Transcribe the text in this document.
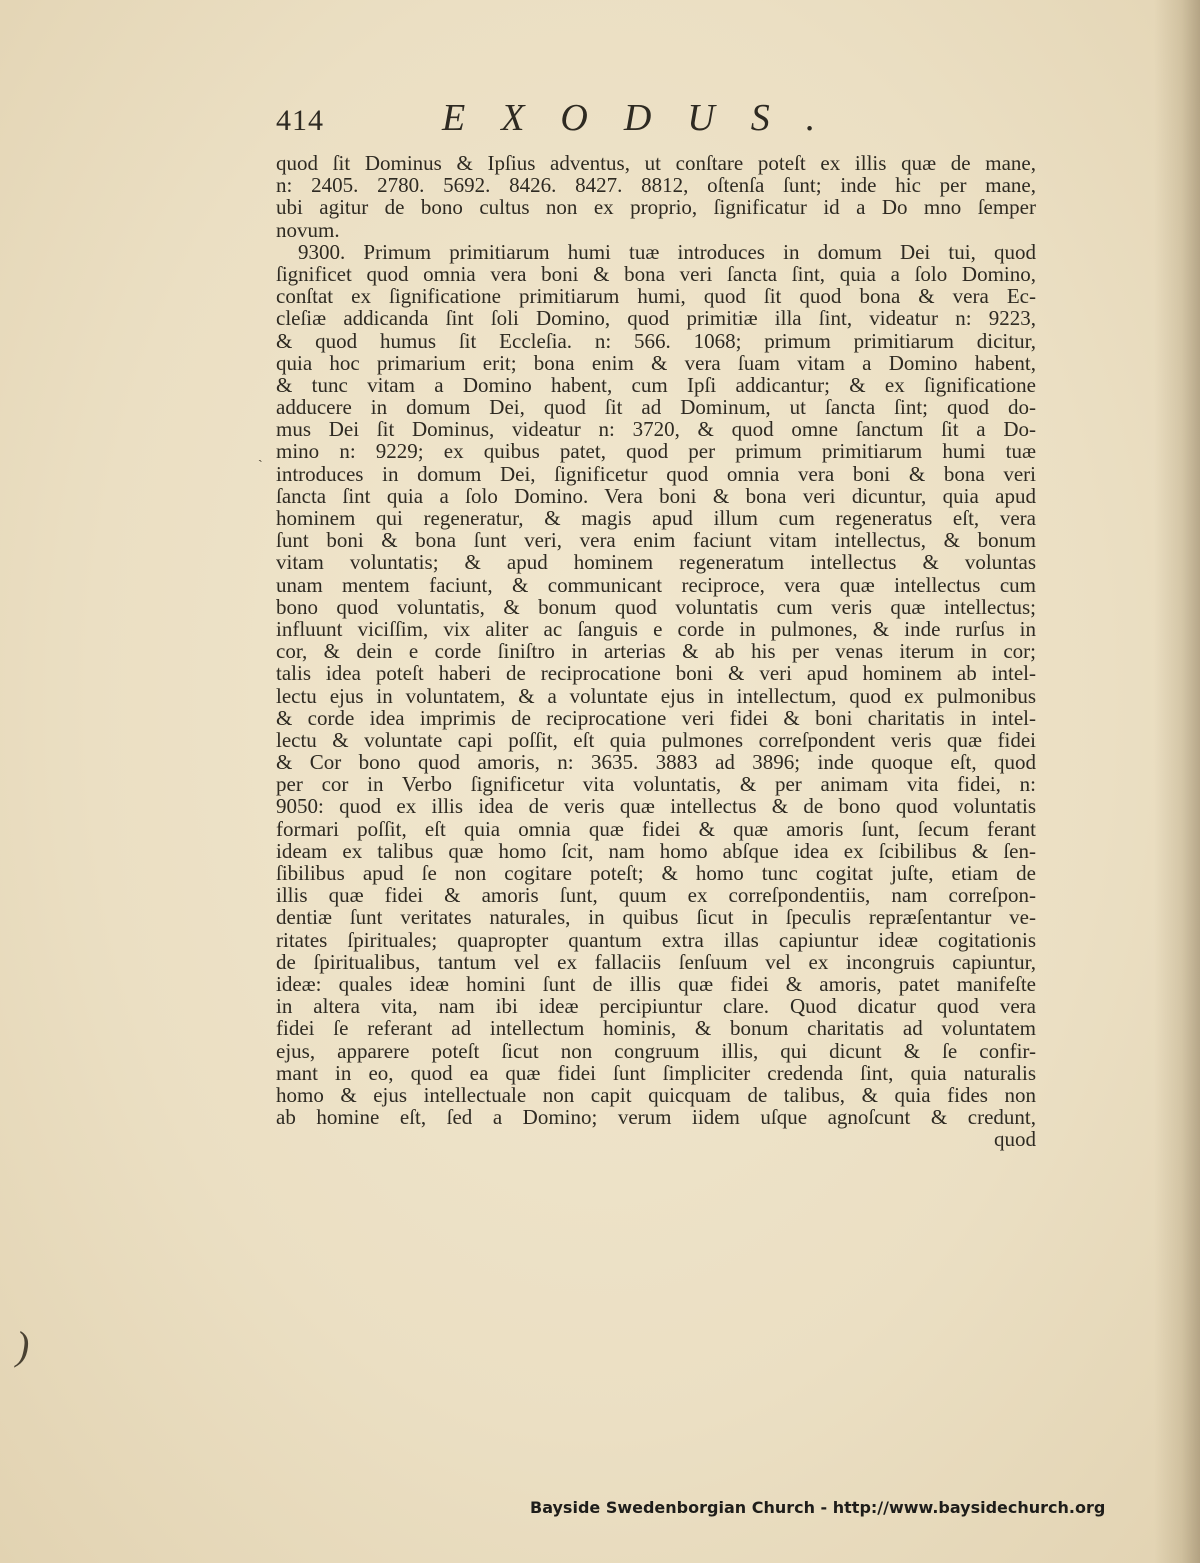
414	EXODUS.
quod ſit Dominus & Ipſius adventus, ut conſtare poteſt ex illis quæ de mane,
n: 2405. 2780. 5692. 8426. 8427. 8812, oſtenſa ſunt; inde hic per mane,
ubi agitur de bono cultus non ex proprio, ſignificatur id a Do mno ſemper
novum.
9300. Primum primitiarum humi tuæ introduces in domum Dei tui, quod
ſignificet quod omnia vera boni & bona veri ſancta ſint, quia a ſolo Domino,
conſtat ex ſignificatione primitiarum humi, quod ſit quod bona & vera Ec-
cleſiæ addicanda ſint ſoli Domino, quod primitiæ illa ſint, videatur n: 9223,
& quod humus ſit Eccleſia. n: 566. 1068; primum primitiarum dicitur,
quia hoc primarium erit; bona enim & vera ſuam vitam a Domino habent,
& tunc vitam a Domino habent, cum Ipſi addicantur; & ex ſignificatione
adducere in domum Dei, quod ſit ad Dominum, ut ſancta ſint; quod do-
mus Dei ſit Dominus, videatur n: 3720, & quod omne ſanctum ſit a Do-
mino n: 9229; ex quibus patet, quod per primum primitiarum humi tuæ
introduces in domum Dei, ſignificetur quod omnia vera boni & bona veri
ſancta ſint quia a ſolo Domino. Vera boni & bona veri dicuntur, quia apud
hominem qui regeneratur, & magis apud illum cum regeneratus eſt, vera
ſunt boni & bona ſunt veri, vera enim faciunt vitam intellectus, & bonum
vitam voluntatis; & apud hominem regeneratum intellectus & voluntas
unam mentem faciunt, & communicant reciproce, vera quæ intellectus cum
bono quod voluntatis, & bonum quod voluntatis cum veris quæ intellectus;
influunt viciſſim, vix aliter ac ſanguis e corde in pulmones, & inde rurſus in
cor, & dein e corde ſiniſtro in arterias & ab his per venas iterum in cor;
talis idea poteſt haberi de reciprocatione boni & veri apud hominem ab intel-
lectu ejus in voluntatem, & a voluntate ejus in intellectum, quod ex pulmonibus
& corde idea imprimis de reciprocatione veri fidei & boni charitatis in intel-
lectu & voluntate capi poſſit, eſt quia pulmones correſpondent veris quæ fidei
& Cor bono quod amoris, n: 3635. 3883 ad 3896; inde quoque eſt, quod
per cor in Verbo ſignificetur vita voluntatis, & per animam vita fidei, n:
9050: quod ex illis idea de veris quæ intellectus & de bono quod voluntatis
formari poſſit, eſt quia omnia quæ fidei & quæ amoris ſunt, ſecum ferant
ideam ex talibus quæ homo ſcit, nam homo abſque idea ex ſcibilibus & ſen-
ſibilibus apud ſe non cogitare poteſt; & homo tunc cogitat juſte, etiam de
illis quæ fidei & amoris ſunt, quum ex correſpondentiis, nam correſpon-
dentiæ ſunt veritates naturales, in quibus ſicut in ſpeculis repræſentantur ve-
ritates ſpirituales; quapropter quantum extra illas capiuntur ideæ cogitationis
de ſpiritualibus, tantum vel ex fallaciis ſenſuum vel ex incongruis capiuntur,
ideæ: quales ideæ homini ſunt de illis quæ fidei & amoris, patet manifeſte
in altera vita, nam ibi ideæ percipiuntur clare. Quod dicatur quod vera
fidei ſe referant ad intellectum hominis, & bonum charitatis ad voluntatem
ejus, apparere poteſt ſicut non congruum illis, qui dicunt & ſe confir-
mant in eo, quod ea quæ fidei ſunt ſimpliciter credenda ſint, quia naturalis
homo & ejus intellectuale non capit quicquam de talibus, & quia fides non
ab homine eſt, ſed a Domino; verum iidem uſque agnoſcunt & credunt,
quod
ˎ
)
Bayside Swedenborgian Church - http://www.baysidechurch.org
